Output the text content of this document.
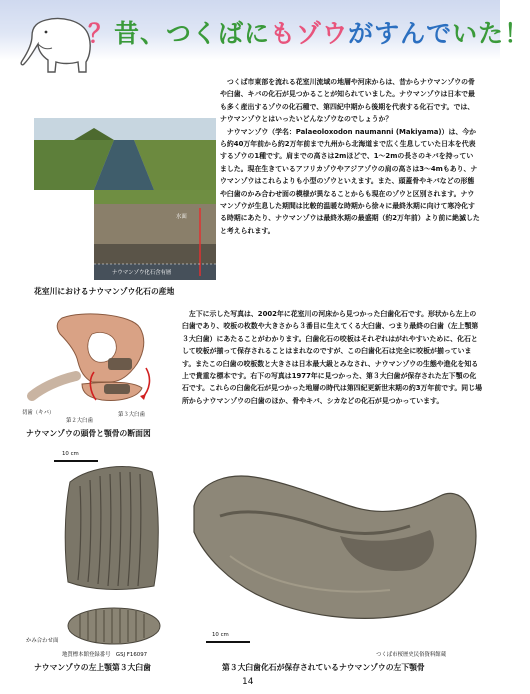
？昔、つくばにもゾウがすんでいた！
水面
ナウマンゾウ化石含有層
花室川におけるナウマンゾウ化石の産地

　つくば市東部を流れる花室川流域の地層や河床からは、昔からナウマンゾウの骨や臼歯、キバの化石が見つかることが知られていました。ナウマンゾウは日本で最も多く産出するゾウの化石種で、第四紀中期から後期を代表する化石です。では、ナウマンゾウとはいったいどんなゾウなのでしょうか？

　ナウマンゾウ（学名：Palaeoloxodon naumanni (Makiyama)）は、今から約40万年前から約2万年前まで九州から北海道まで広く生息していた日本を代表するゾウの1種です。肩までの高さは2mほどで、1〜2mの長さのキバを持っていました。現在生きているアフリカゾウやアジアゾウの肩の高さは3〜4mもあり、ナウマンゾウはこれらよりも小型のゾウといえます。また、頭蓋骨やキバなどの形態や臼歯のかみ合わせ面の模様が異なることからも現在のゾウと区別されます。ナウマンゾウが生息した期間は比較的温暖な時期から徐々に最終氷期に向けて寒冷化する時期にあたり、ナウマンゾウは最終氷期の最盛期（約2万年前）より前に絶滅したと考えられます。

切歯（キバ）
第２大臼歯
第３大臼歯
ナウマンゾウの頭骨と顎骨の断面図

　左下に示した写真は、2002年に花室川の河床から見つかった臼歯化石です。形状から左上の臼歯であり、咬板の枚数や大きさから３番目に生えてくる大臼歯、つまり最終の臼歯（左上顎第３大臼歯）にあたることがわかります。臼歯化石の咬板はそれぞれはがれやすいために、化石として咬板が揃って保存されることはまれなのですが、この臼歯化石は完全に咬板が揃っています。またこの臼歯の咬板数と大きさは日本最大級とみなされ、ナウマンゾウの生態や進化を知る上で貴重な標本です。右下の写真は1977年に見つかった、第３大臼歯が保存された左下顎の化石です。これらの臼歯化石が見つかった地層の時代は第四紀更新世末期の約3万年前です。同じ場所からナウマンゾウの臼歯のほか、骨やキバ、シカなどの化石が見つかっています。

10 cm
かみ合わせ面
地質標本館登録番号　GSJ F16097
ナウマンゾウの左上顎第３大臼歯
10 cm
つくば市桜歴史民俗資料館蔵
第３大臼歯化石が保存されているナウマンゾウの左下顎骨
14
